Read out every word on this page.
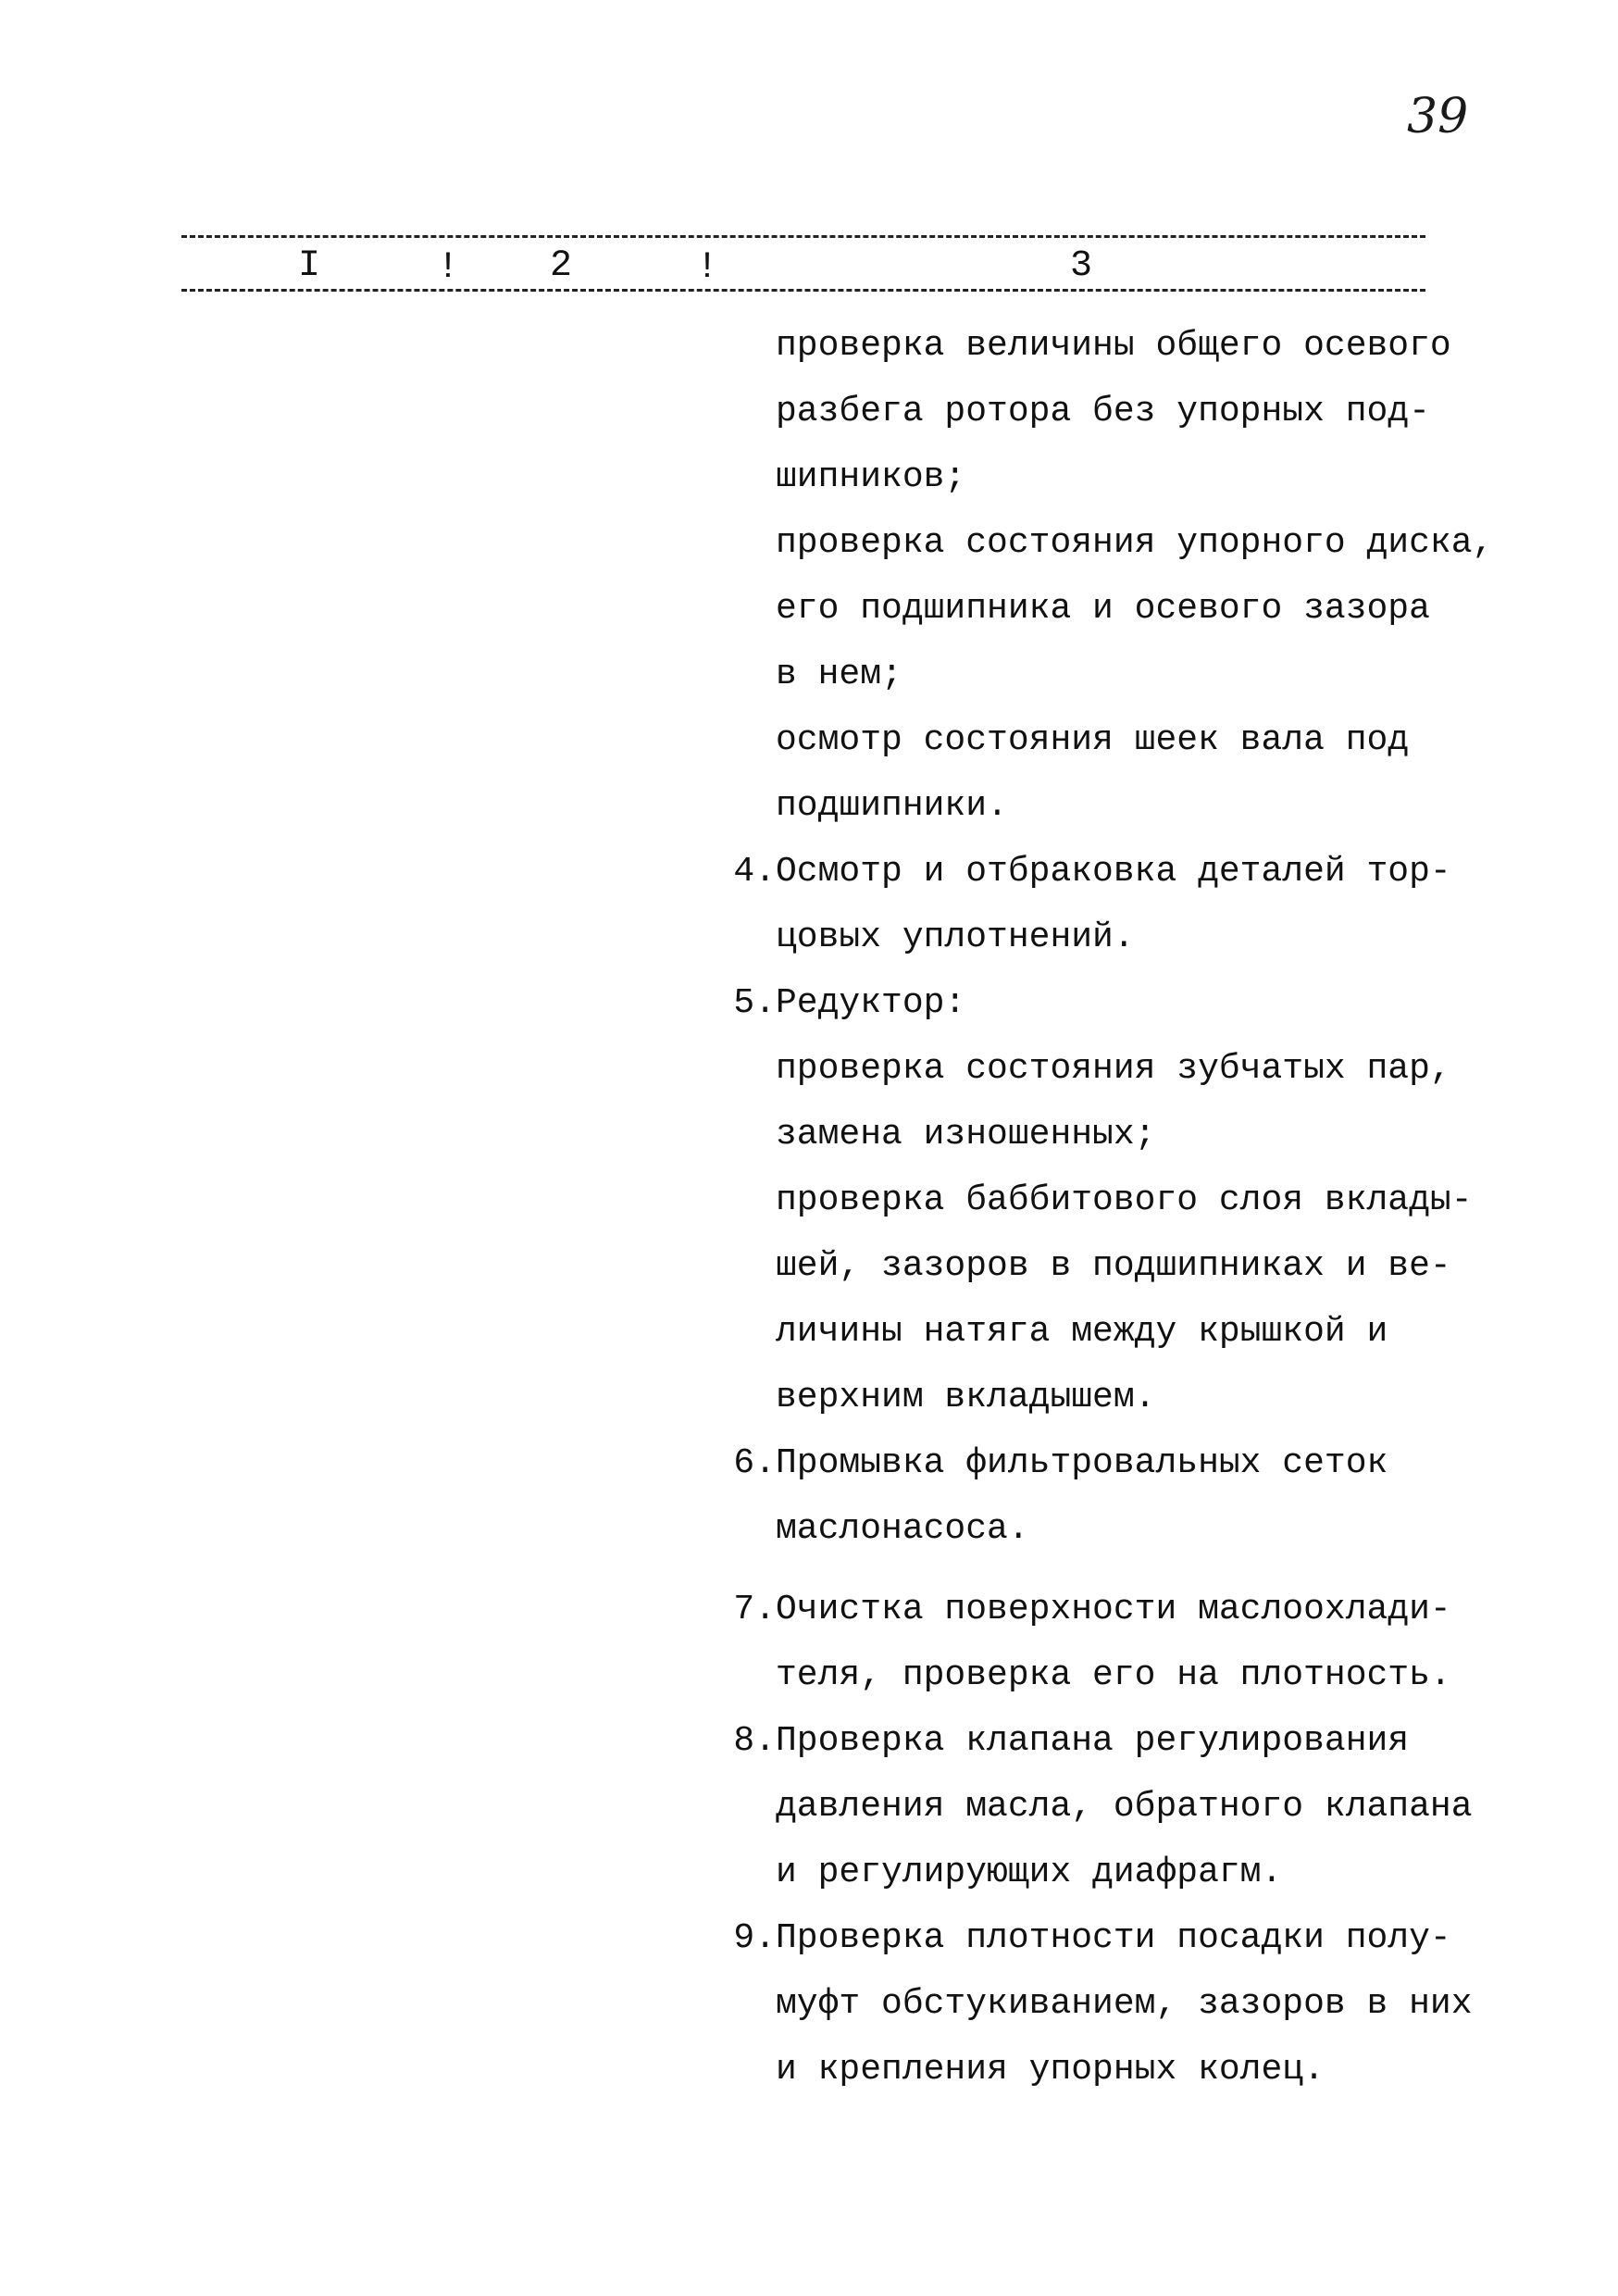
39
I	! 2	!	3
проверка величины общего осевого
разбега ротора без упорных под-
шипников;
проверка состояния упорного диска,
его подшипника и осевого зазора
в нем;
осмотр состояния шеек вала под
подшипники.
4. Осмотр и отбраковка деталей тор-
цовых уплотнений.
5. Редуктор:
проверка состояния зубчатых пар,
замена изношенных;
проверка баббитового слоя вклады-
шей, зазоров в подшипниках и ве-
личины натяга между крышкой и
верхним вкладышем.
6. Промывка фильтровальных сеток
маслонасоса.
7. Очистка поверхности маслоохлади-
теля, проверка его на плотность.
8. Проверка клапана регулирования
давления масла, обратного клапана
и регулирующих диафрагм.
9. Проверка плотности посадки полу-
муфт обстукиванием, зазоров в них
и крепления упорных колец.
